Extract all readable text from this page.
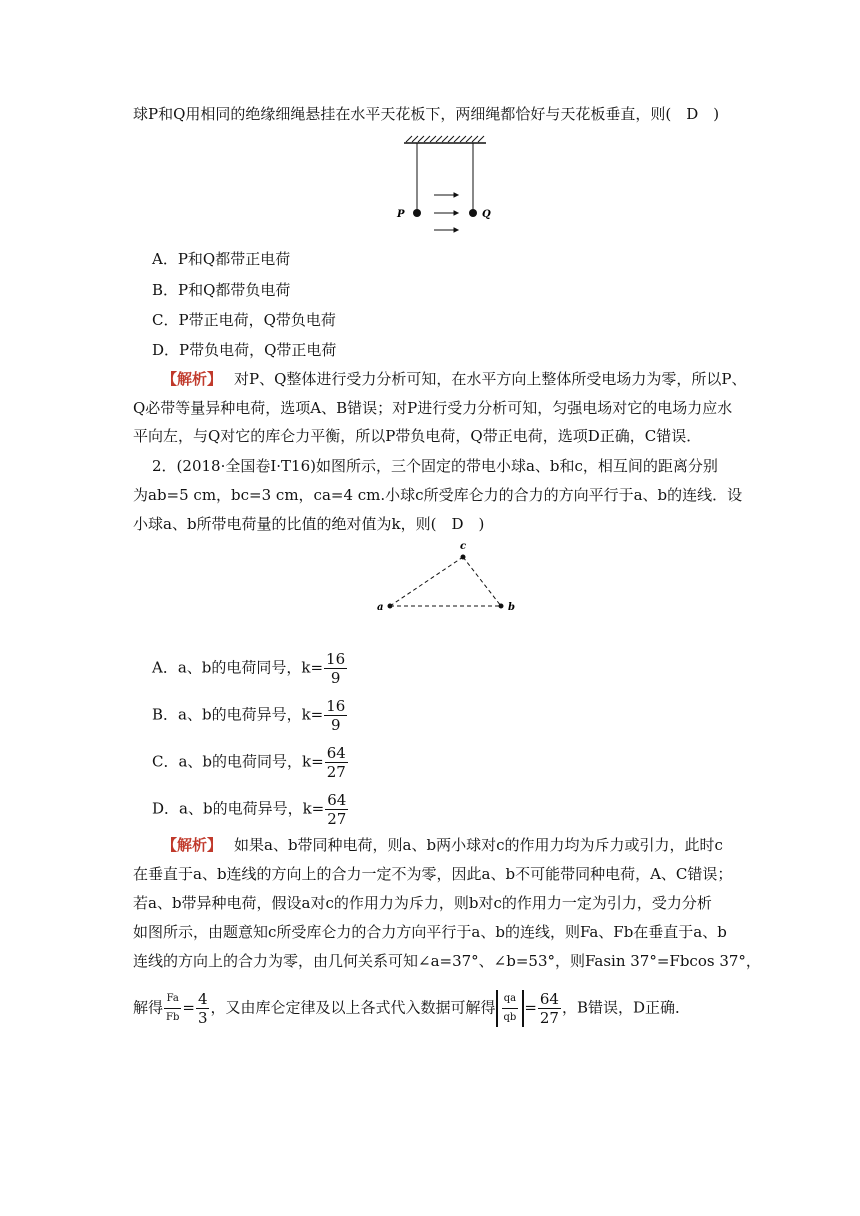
球P和Q用相同的绝缘细绳悬挂在水平天花板下，两细绳都恰好与天花板垂直，则(　D　)
P	Q
A．P和Q都带正电荷
B．P和Q都带负电荷
C．P带正电荷，Q带负电荷
D．P带负电荷，Q带正电荷
【解析】 对P、Q整体进行受力分析可知，在水平方向上整体所受电场力为零，所以P、
Q必带等量异种电荷，选项A、B错误；对P进行受力分析可知，匀强电场对它的电场力应水
平向左，与Q对它的库仑力平衡，所以P带负电荷，Q带正电荷，选项D正确，C错误．
2．(2018·全国卷Ⅰ·T16)如图所示，三个固定的带电小球a、b和c，相互间的距离分别
为ab=5 cm，bc=3 cm，ca=4 cm.小球c所受库仑力的合力的方向平行于a、b的连线．设
小球a、b所带电荷量的比值的绝对值为k，则(　D　)
a	b
c
A．a、b的电荷同号，$k= \frac{16}{9}$
B．a、b的电荷异号，$k= \frac{16}{9}$
C．a、b的电荷同号，$k= \frac{64}{27}$
D．a、b的电荷异号，$k= \frac{64}{27}$
【解析】 如果a、b带同种电荷，则a、b两小球对c的作用力均为斥力或引力，此时c
在垂直于a、b连线的方向上的合力一定不为零，因此a、b不可能带同种电荷，A、C错误；
若a、b带异种电荷，假设a对c的作用力为斥力，则b对c的作用力一定为引力，受力分析
如图所示，由题意知c所受库仑力的合力方向平行于a、b的连线，则Fa、Fb在垂直于a、b
连线的方向上的合力为零，由几何关系可知∠a=37°、∠b=53°，则Fasin 37°=Fbcos 37°，
解得 $\frac{Fa}{Fb} = \frac{4}{3}$ ，又由库仑定律及以上各式代入数据可解得 $\frac{qa}{qb} = \frac{64}{27}$ ，B错误，D正确．
